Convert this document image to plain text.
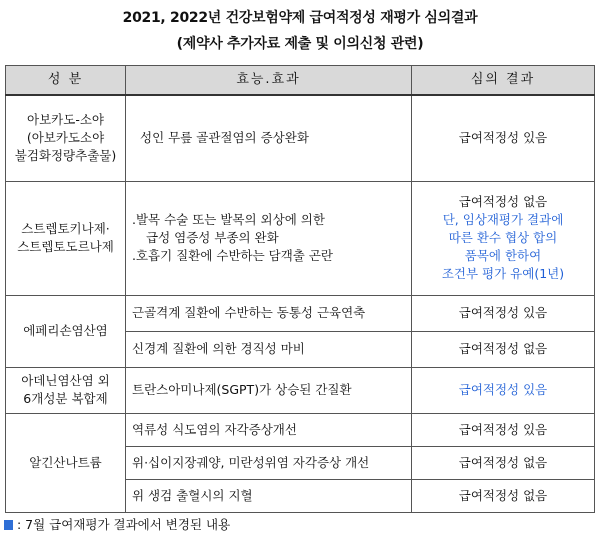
2021, 2022년 건강보험약제 급여적정성 재평가 심의결과
(제약사 추가자료 제출 및 이의신청 관련)
성 분	효능.효과	심의 결과

아보카도-소야
(아보카도소야
불검화정량추출물)	성인 무릎 골관절염의 증상완화	급여적정성 있음

스트렙토키나제·
스트렙토도르나제	.발목 수술 또는 발목의 외상에 의한
급성 염증성 부종의 완화
.호흡기 질환에 수반하는 담객출 곤란	급여적정성 없음
단, 임상재평가 결과에
따른 환수 협상 합의
품목에 한하여
조건부 평가 유예(1년)

에페리손염산염	근골격계 질환에 수반하는 동통성 근육연축	급여적정성 있음
	신경계 질환에 의한 경직성 마비	급여적정성 없음

아데닌염산염 외
6개성분 복합제	트란스아미나제(SGPT)가 상승된 간질환	급여적정성 있음
알긴산나트륨	역류성 식도염의 자각증상개선	급여적정성 있음
	위·십이지장궤양, 미란성위염 자각증상 개선	급여적정성 없음
	위 생검 출혈시의 지혈	급여적정성 없음
: 7월 급여재평가 결과에서 변경된 내용
